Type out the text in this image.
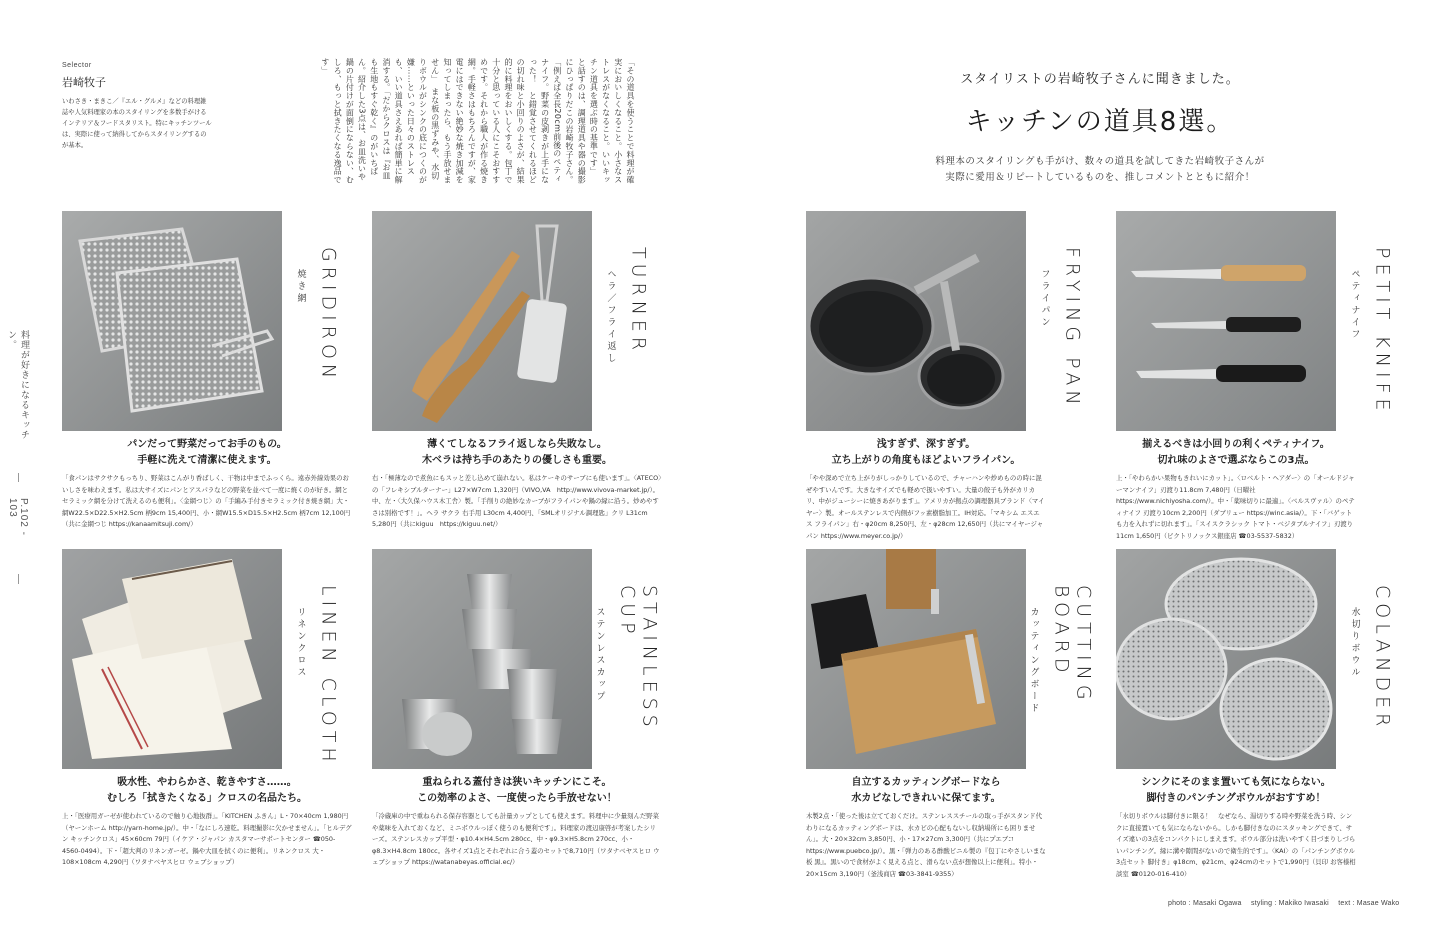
料理が好きになるキッチン。
P.102 - 103
Selector
岩崎牧子
いわさき・まきこ／『エル・グルメ』などの料理雑誌や人気料理家の本のスタイリングを多数手がけるインテリア＆フードスタリスト。特にキッチンツールは、実際に使って納得してからスタイリングするのが基本。	「その道具を使うことで料理が確実においしくなること。小さなストレスがなくなること。いいキッチン道具を選ぶ時の基準です」　と話すのは、調理道具や器の撮影にひっぱりだこの岩崎牧子さん。「例えば全長20cm前後のペティナイフ。野菜の皮剥きが上手になった！　と錯覚させてくれるほどの切れ味と小回りのよさが、結果的に料理をおいしくする。包丁で十分と思っている人にこそおすすめです。それから職人が作る焼き網。手軽さはもちろんですが、家電にはできない絶妙な焼き加減を知ってしまったら、もう手放せません」　まな板の黒ずみや、水切りボウルがシンクの底につくのが嫌……といった日々のストレスも、いい道具さえあれば簡単に解消する。「だからクロスは『お皿も生地もすぐ乾く』のがいちばん。紹介した3点は、お皿洗いや鍋の片付けが面倒にならない、むしろ、もっと拭きたくなる逸品です」
スタイリストの岩崎牧子さんに聞きました。
キッチンの道具8選。
料理本のスタイリングも手がけ、数々の道具を試してきた岩崎牧子さんが
実際に愛用＆リピートしているものを、推しコメントとともに紹介！
GRIDIRON
焼き網
パンだって野菜だってお手のもの。
手軽に洗えて清潔に使えます。
「食パンはサクサクもっちり、野菜はこんがり香ばしく、干物は中までふっくら。遠赤外線効果のおいしさを味わえます。私は大サイズにパンとアスパラなどの野菜を並べて一度に焼くのが好き。網とセラミック網を分けて洗えるのも便利」。〈金網つじ〉の「手編み手付きセラミック付き焼き網」大・網W22.5×D22.5×H2.5cm 柄9cm 15,400円、小・網W15.5×D15.5×H2.5cm 柄7cm 12,100円（共に金網つじ https://kanaamitsuji.com/）
TURNER
ヘラ／フライ返し
薄くてしなるフライ返しなら失敗なし。
木ベラは持ち手のあたりの優しさも重要。
右・「極薄なので煮魚にもスッと差し込めて崩れない。私はケーキのサーブにも使います」。〈ATECO〉の「フレキシブルターナー」L27×W7cm 1,320円（VIVO,VA　http://www.vivova-market.jp/）。中、左・〈大久保ハウス木工舎〉製。「手削りの絶妙なカーブがフライパンや鍋の縁に沿う。炒めやすさは別格です！」。ヘラ サクラ 右手用 L30cm 4,400円、「SMLオリジナル調理匙」クリ L31cm 5,280円（共にkiguu　https://kiguu.net/）
FRYING PAN
フライパン
浅すぎず、深すぎず。
立ち上がりの角度もほどよいフライパン。
「やや深めで立ち上がりがしっかりしているので、チャーハンや炒めものの時に混ぜやすいんです。大きなサイズでも軽めで扱いやすい。大量の餃子も外がカリカリ、中がジューシーに焼きあがります」。アメリカが拠点の調理器具ブランド〈マイヤー〉製。オールステンレスで内側がフッ素樹脂加工。IH対応。「マキシム エスエス フライパン」右・φ20cm 8,250円、左・φ28cm 12,650円（共にマイヤージャパン https://www.meyer.co.jp/）
PETIT KNIFE
ペティナイフ
揃えるべきは小回りの利くペティナイフ。
切れ味のよさで選ぶならこの3点。
上・「やわらかい果物もきれいにカット」。〈ロベルト・ヘアダー〉の「オールドジャーマンナイフ」刃渡り11.8cm 7,480円（日曜社 https://www.nichiyosha.com/）。中・「薬味切りに最適」。〈ベルスヴァル〉のペティナイフ 刃渡り10cm 2,200円（ダブリュー https://winc.asia/）。下・「バゲットも力を入れずに切れます」。「スイスクラシック トマト・ベジタブルナイフ」刃渡り11cm 1,650円（ビクトリノックス銀座店 ☎03-5537-5832）
LINEN CLOTH
リネンクロス
吸水性、やわらかさ、乾きやすさ……。
むしろ「拭きたくなる」クロスの名品たち。
上・「医療用ガーゼが使われているので触り心地抜群」。「KITCHEN ふきん」L・70×40cm 1,980円（ヤーンホーム http://yarn-home.jp/）。中・「なにしろ速乾。料理撮影に欠かせません」。「ヒルデグン キッチンクロス」45×60cm 79円（イケア・ジャパン カスタマーサポートセンター ☎050-4560-0494）。下・「超大判のリネンガーゼ。鍋や大皿を拭くのに便利」。リネンクロス 大・108×108cm 4,290円（ワタナベヤスヒロ ウェブショップ）
STAINLESS CUP
ステンレスカップ
重ねられる蓋付きは狭いキッチンにこそ。
この効率のよさ、一度使ったら手放せない！
「冷蔵庫の中で重ねられる保存容器としても計量カップとしても使えます。料理中に少量刻んだ野菜や薬味を入れておくなど、ミニボウルっぽく使うのも便利です」。料理家の渡辺康啓が考案したシリーズ。ステンレスカップ平型・φ10.4×H4.5cm 280cc、中・φ9.3×H5.8cm 270cc、小・φ8.3×H4.8cm 180cc。各サイズ1点とそれぞれに合う蓋のセットで8,710円（ワタナベヤスヒロ ウェブショップ https://watanabeyas.official.ec/）
CUTTING BOARD
カッティングボード
自立するカッティングボードなら
水カビなしできれいに保てます。
木製2点・「使った後は立てておくだけ。ステンレススチールの取っ手がスタンド代わりになるカッティングボードは、水カビの心配もないし収納場所にも困りません」。大・20×32cm 3,850円、小・17×27cm 3,300円（共にプエブコ https://www.puebco.jp/）。黒・「弾力のある酢酸ビニル製の『包丁にやさしいまな板 黒』。黒いので食材がよく見える点と、滑らない点が想像以上に便利」。特小・20×15cm 3,190円（釜浅商店 ☎03-3841-9355）
COLANDER
水切りボウル
シンクにそのまま置いても気にならない。
脚付きのパンチングボウルがおすすめ！
「水切りボウルは脚付きに限る！　なぜなら、湯切りする時や野菜を洗う時、シンクに直接置いても気にならないから。しかも脚付きなのにスタッキングできて、サイズ違いの3点をコンパクトにしまえます。ボウル部分は洗いやすく目づまりしづらいパンチング。縁に溝や隙間がないので衛生的です」。〈KAI〉の「パンチングボウル3点セット 脚付き」φ18cm、φ21cm、φ24cmのセットで1,990円（貝印 お客様相談室 ☎0120-016-410）
photo : Masaki Ogawa　 styling : Makiko Iwasaki　 text : Masae Wako
